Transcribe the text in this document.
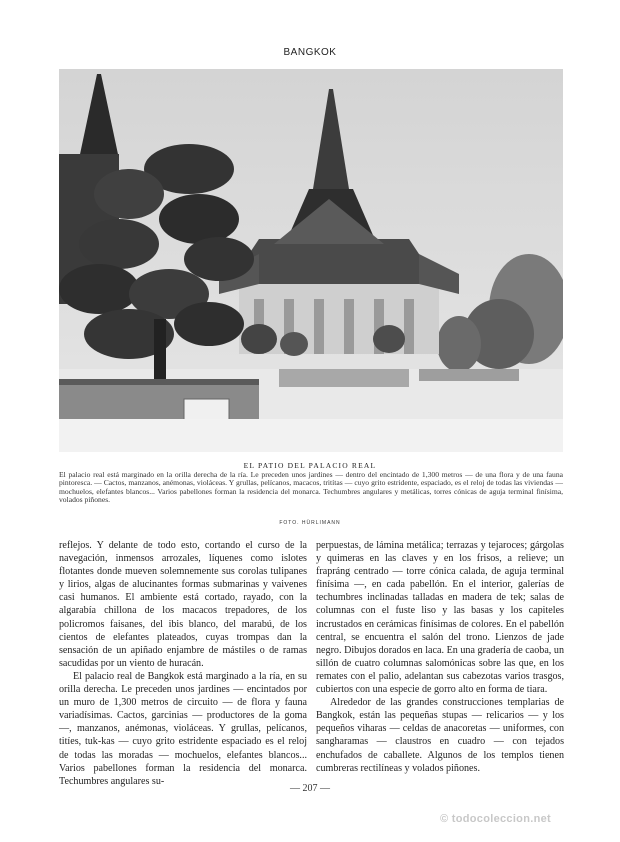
BANGKOK
EL PATIO DEL PALACIO REAL
El palacio real está marginado en la orilla derecha de la ría. Le preceden unos jardines — dentro del encintado de 1,300 metros — de una flora y de una fauna pintoresca. — Cactos, manzanos, anémonas, violáceas. Y grullas, pelícanos, macacos, tritítas — cuyo grito estridente, espaciado, es el reloj de todas las viviendas — mochuelos, elefantes blancos... Varios pabellones forman la residencia del monarca. Techumbres angulares y metálicas, torres cónicas de aguja terminal finísima, volados piñones.
FOTO. HÜRLIMANN

reflejos. Y delante de todo esto, cortando el curso de la navegación, inmensos arrozales, líquenes como islotes flotantes donde mueven solemnemente sus corolas tulipanes y lirios, algas de alucinantes formas submarinas y vaivenes casi humanos. El ambiente está cortado, rayado, con la algarabía chillona de los macacos trepadores, de los policromos faisanes, del ibis blanco, del marabú, de los cientos de elefantes plateados, cuyas trompas dan la sensación de un apiñado enjambre de mástiles o de ramas sacudidas por un viento de huracán.

El palacio real de Bangkok está marginado a la ría, en su orilla derecha. Le preceden unos jardines — encintados por un muro de 1,300 metros de circuito — de flora y fauna variadísimas. Cactos, garcinias — productores de la goma —, manzanos, anémonas, violáceas. Y grullas, pelícanos, titíes, tuk-kas — cuyo grito estridente espaciado es el reloj de todas las moradas — mochuelos, elefantes blancos... Varios pabellones forman la residencia del monarca. Techumbres angulares su-

perpuestas, de lámina metálica; terrazas y tejaroces; gárgolas y quimeras en las claves y en los frisos, a relieve; un frapráng centrado — torre cónica calada, de aguja terminal finísima —, en cada pabellón. En el interior, galerías de techumbres inclinadas talladas en madera de tek; salas de columnas con el fuste liso y las basas y los capiteles incrustados en cerámicas finísimas de colores. En el pabellón central, se encuentra el salón del trono. Lienzos de jade negro. Dibujos dorados en laca. En una gradería de caoba, un sillón de cuatro columnas salomónicas sobre las que, en los remates con el palio, adelantan sus cabezotas varios trasgos, cubiertos con una especie de gorro alto en forma de tiara.

Alrededor de las grandes construcciones templarias de Bangkok, están las pequeñas stupas — relicarios — y los pequeños viharas — celdas de anacoretas — uniformes, con sangharamas — claustros en cuadro — con tejados enchufados de caballete. Algunos de los templos tienen cumbreras rectilíneas y volados piñones.

— 207 —
© todocoleccion.net
